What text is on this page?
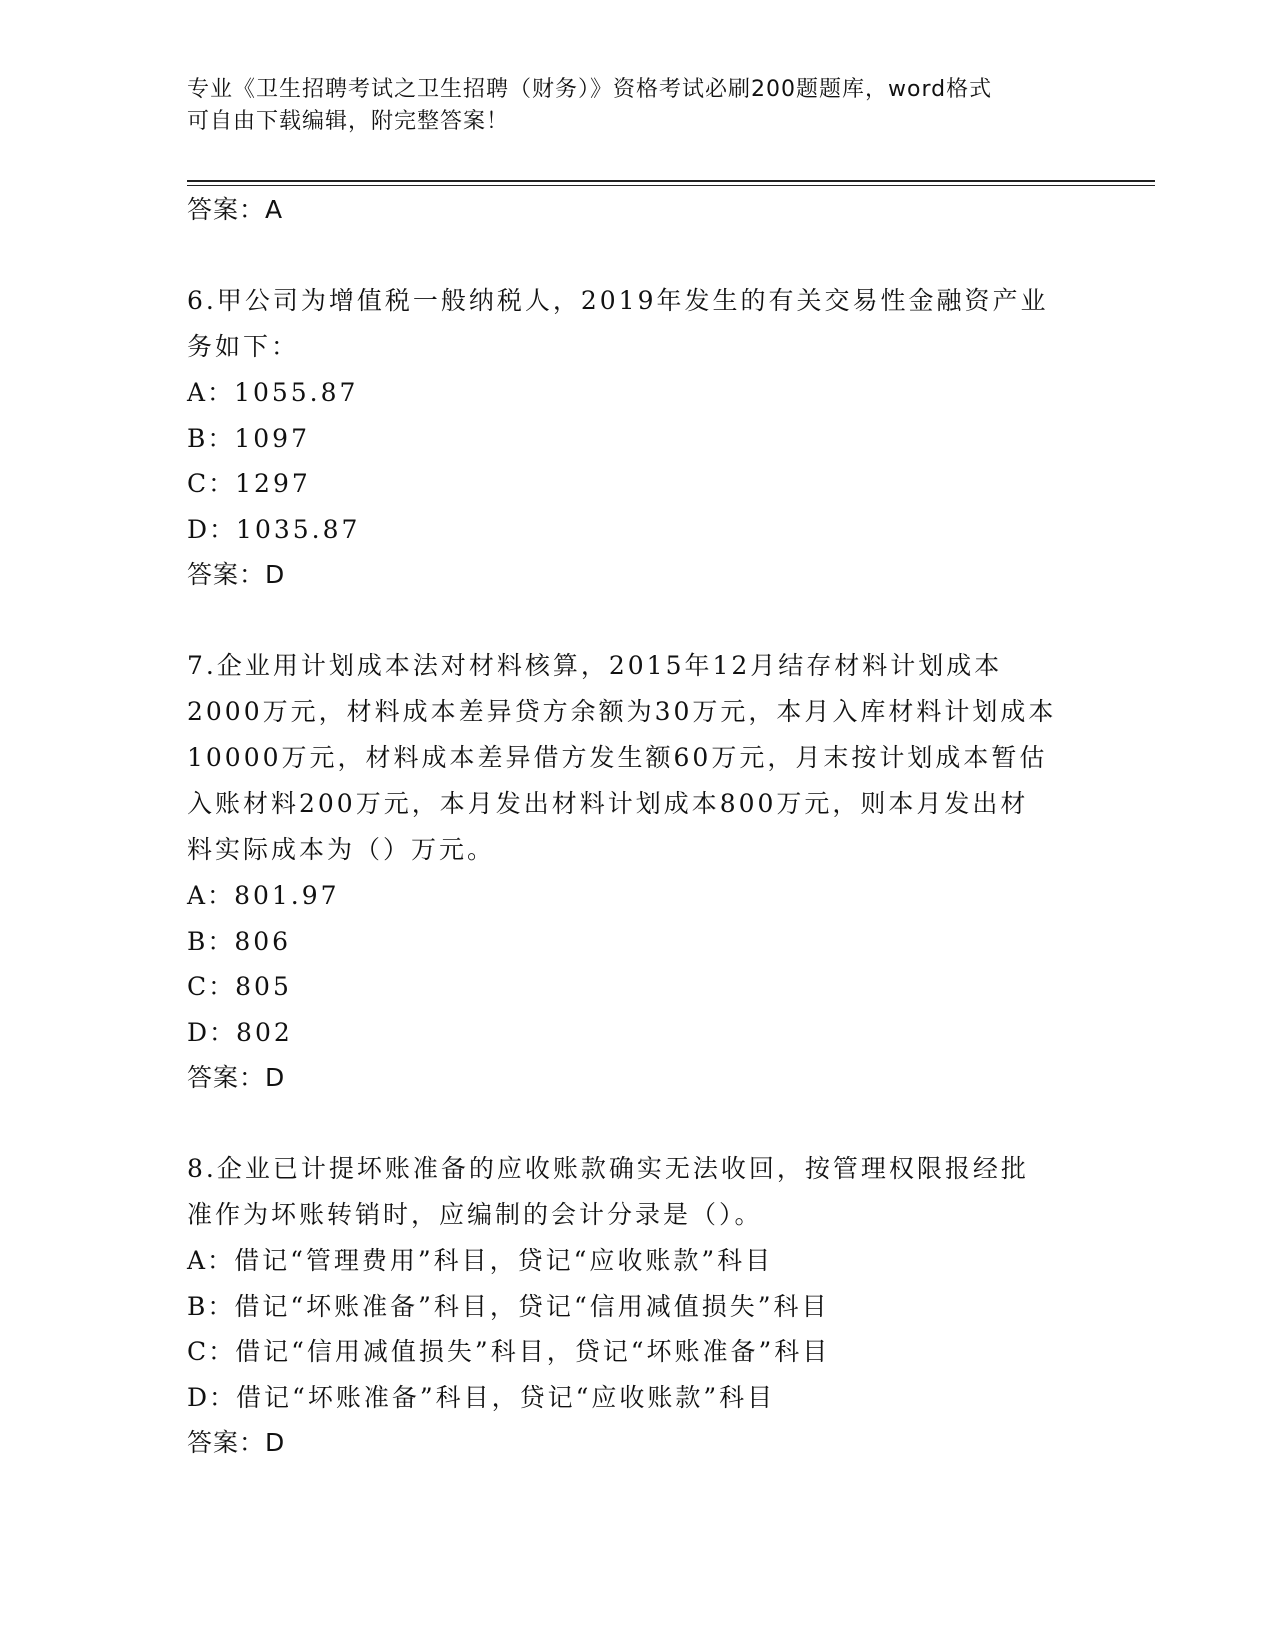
专业《卫生招聘考试之卫生招聘（财务）》资格考试必刷200题题库，word格式
可自由下载编辑，附完整答案！
答案：A
6.甲公司为增值税一般纳税人，2019年发生的有关交易性金融资产业
务如下：
A：1055.87
B：1097
C：1297
D：1035.87
答案：D
7.企业用计划成本法对材料核算，2015年12月结存材料计划成本
2000万元，材料成本差异贷方余额为30万元，本月入库材料计划成本
10000万元，材料成本差异借方发生额60万元，月末按计划成本暂估
入账材料200万元，本月发出材料计划成本800万元，则本月发出材
料实际成本为（）万元。
A：801.97
B：806
C：805
D：802
答案：D
8.企业已计提坏账准备的应收账款确实无法收回，按管理权限报经批
准作为坏账转销时，应编制的会计分录是（）。
A：借记“管理费用”科目，贷记“应收账款”科目
B：借记“坏账准备”科目，贷记“信用减值损失”科目
C：借记“信用减值损失”科目，贷记“坏账准备”科目
D：借记“坏账准备”科目，贷记“应收账款”科目
答案：D
